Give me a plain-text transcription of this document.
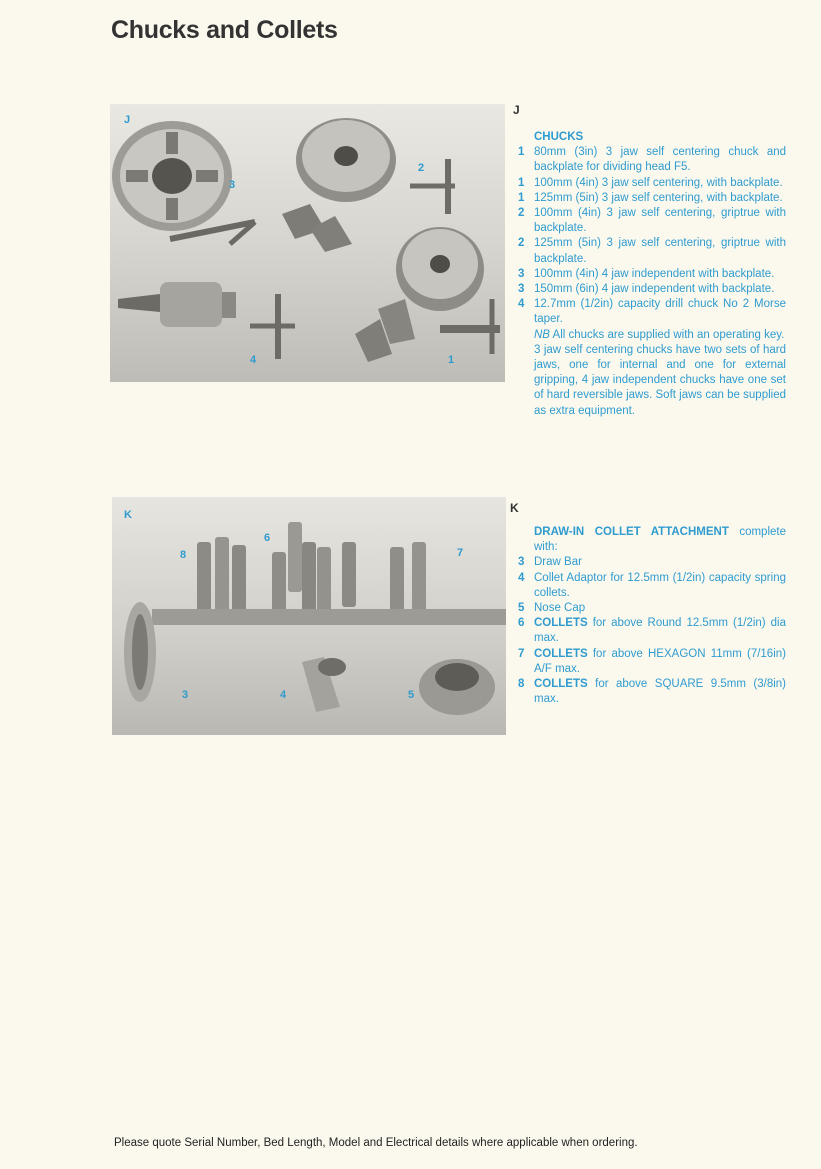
Chucks and Collets
J
3
2
4	1
J
CHUCKS
1 80mm (3in) 3 jaw self centering chuck and backplate for dividing head F5.
1 100mm (4in) 3 jaw self centering, with backplate.
1 125mm (5in) 3 jaw self centering, with backplate.
2 100mm (4in) 3 jaw self centering, griptrue with backplate.
2 125mm (5in) 3 jaw self centering, griptrue with backplate.
3 100mm (4in) 4 jaw independent with backplate.
3 150mm (6in) 4 jaw independent with backplate.
4 12.7mm (1/2in) capacity drill chuck No 2 Morse taper.
NB All chucks are supplied with an operating key.
3 jaw self centering chucks have two sets of hard jaws, one for internal and one for external gripping, 4 jaw independent chucks have one set of hard reversible jaws. Soft jaws can be supplied as extra equipment.
K
8
6
7
3	4	5
K
DRAW-IN COLLET ATTACHMENT complete with:
3 Draw Bar
4 Collet Adaptor for 12.5mm (1/2in) capacity spring collets.
5 Nose Cap
6 COLLETS for above Round 12.5mm (1/2in) dia max.
7 COLLETS for above HEXAGON 11mm (7/16in) A/F max.
8 COLLETS for above SQUARE 9.5mm (3/8in) max.
Please quote Serial Number, Bed Length, Model and Electrical details where applicable when ordering.
